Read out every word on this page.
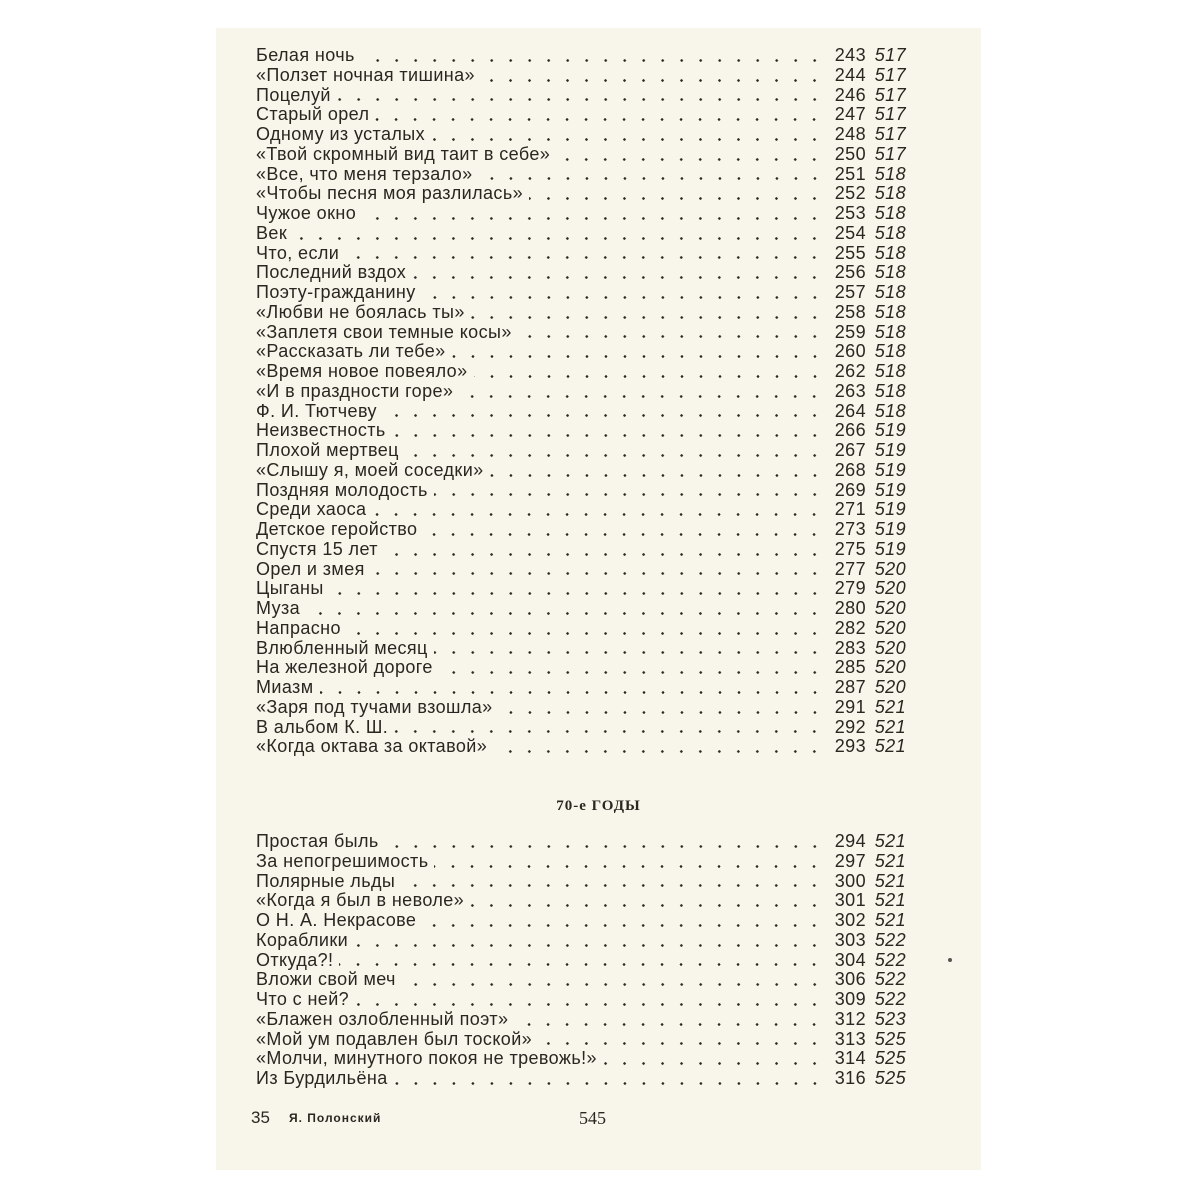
Белая ночь	243 517
«Ползет ночная тишина»	244 517
Поцелуй	246 517
Старый орел	247 517
Одному из усталых	248 517
«Твой скромный вид таит в себе»	250 517
«Все, что меня терзало»	251 518
«Чтобы песня моя разлилась»	252 518
Чужое окно	253 518
Век	254 518
Что, если	255 518
Последний вздох	256 518
Поэту-гражданину	257 518
«Любви не боялась ты»	258 518
«Заплетя свои темные косы»	259 518
«Рассказать ли тебе»	260 518
«Время новое повеяло»	262 518
«И в праздности горе»	263 518
Ф. И. Тютчеву	264 518
Неизвестность	266 519
Плохой мертвец	267 519
«Слышу я, моей соседки»	268 519
Поздняя молодость	269 519
Среди хаоса	271 519
Детское геройство	273 519
Спустя 15 лет	275 519
Орел и змея	277 520
Цыганы	279 520
Муза	280 520
Напрасно	282 520
Влюбленный месяц	283 520
На железной дороге	285 520
Миазм	287 520
«Заря под тучами взошла»	291 521
В альбом К. Ш.	292 521
«Когда октава за октавой»	293 521
70-е ГОДЫ
Простая быль	294 521
За непогрешимость	297 521
Полярные льды	300 521
«Когда я был в неволе»	301 521
О Н. А. Некрасове	302 521
Кораблики	303 522
Откуда?!	304 522
Вложи свой меч	306 522
Что с ней?	309 522
«Блажен озлобленный поэт»	312 523
«Мой ум подавлен был тоской»	313 525
«Молчи, минутного покоя не тревожь!»	314 525
Из Бурдильёна	316 525
35 Я. Полонский	545
